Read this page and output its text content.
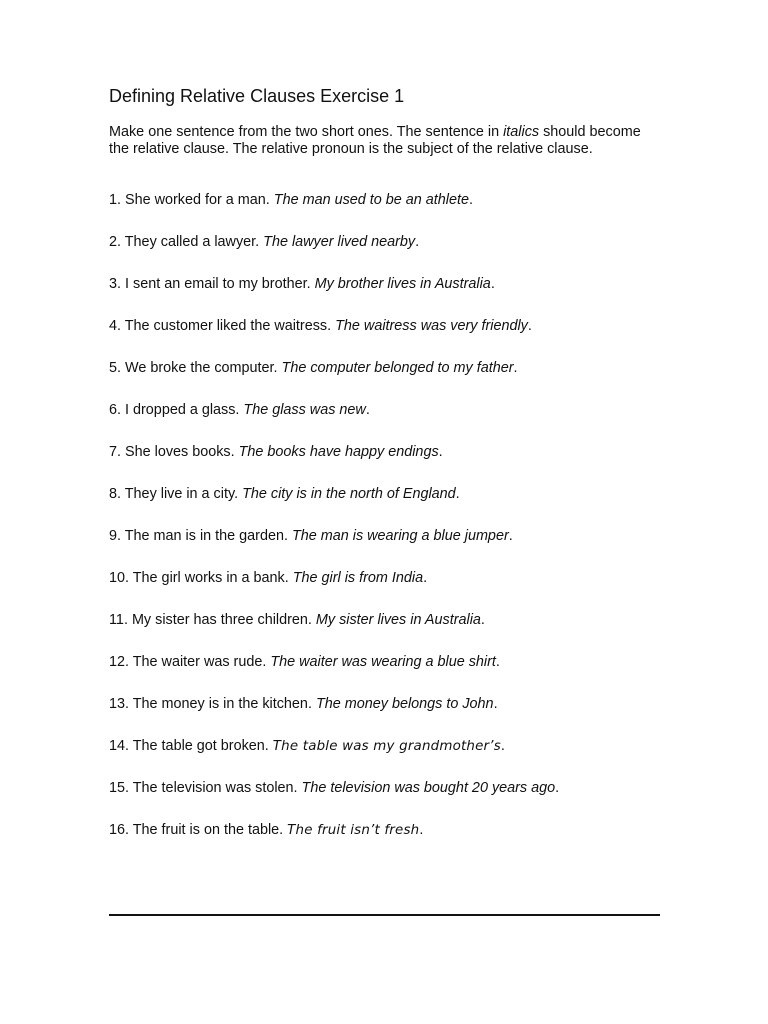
Defining Relative Clauses Exercise 1

Make one sentence from the two short ones. The sentence in italics should become the relative clause. The relative pronoun is the subject of the relative clause.

1. She worked for a man. The man used to be an athlete.
2. They called a lawyer. The lawyer lived nearby.
3. I sent an email to my brother. My brother lives in Australia.
4. The customer liked the waitress. The waitress was very friendly.
5. We broke the computer. The computer belonged to my father.
6. I dropped a glass. The glass was new.
7. She loves books. The books have happy endings.
8. They live in a city. The city is in the north of England.
9. The man is in the garden. The man is wearing a blue jumper.
10. The girl works in a bank. The girl is from India.
11. My sister has three children. My sister lives in Australia.
12. The waiter was rude. The waiter was wearing a blue shirt.
13. The money is in the kitchen. The money belongs to John.
14. The table got broken. The table was my grandmother’s.
15. The television was stolen. The television was bought 20 years ago.
16. The fruit is on the table. The fruit isn’t fresh.
